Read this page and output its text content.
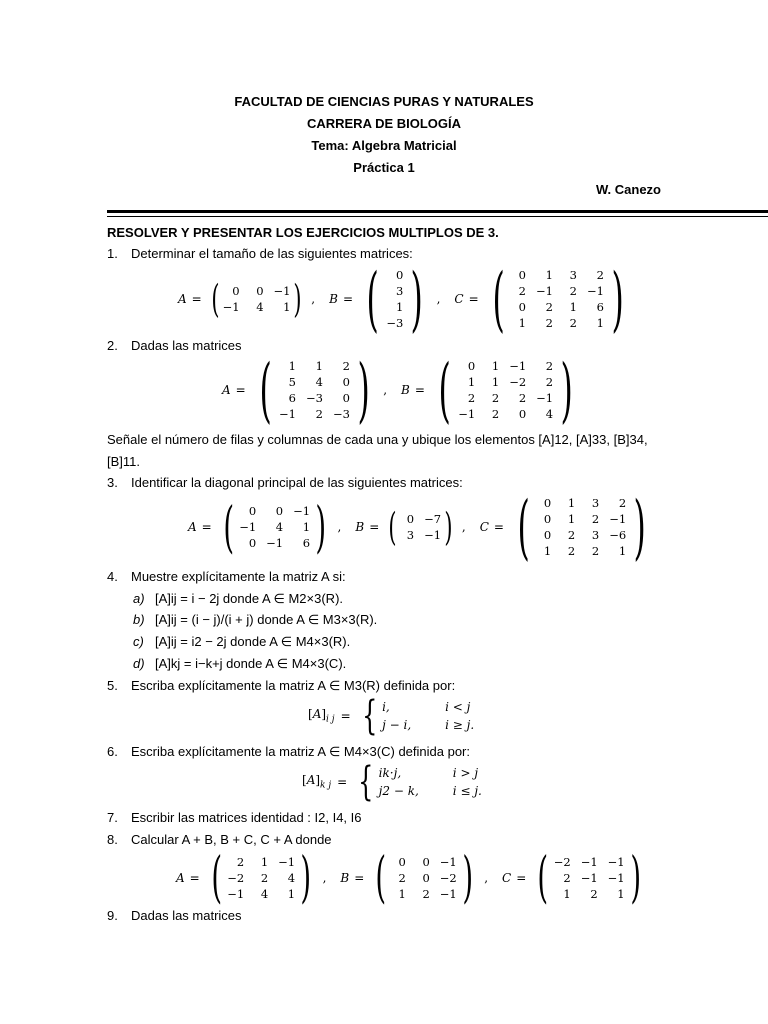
FACULTAD DE CIENCIAS PURAS Y NATURALES
CARRERA DE BIOLOGÍA
Tema: Algebra Matricial
Práctica 1
W. Canezo
RESOLVER Y PRESENTAR LOS EJERCICIOS MULTIPLOS DE 3.
1. Determinar el tamaño de las siguientes matrices:
A = (	0	0 −1
−1	4	1 ) ,	B = (	0
3
1
−3 )	,	C = (	0	1	3	2
2 −1	2 −1
0	2	1	6
1	2	2	1 )
2. Dadas las matrices
A = (	1	1	2
5	4	0
6 −3	0
−1	2 −3 )	,	B = (	0	1 −1	2
1	1 −2	2
2	2	2 −1
−1	2	0	4 )
Señale el número de filas y columnas de cada una y ubique los elementos [A]12, [A]33, [B]34,
[B]11.
3. Identificar la diagonal principal de las siguientes matrices:
A = (	0	0 −1
−1	4	1
0 −1	6 ) ,	B = ( 0 −7
3 −1 ) ,	C = (	0	1	3	2
0	1	2 −1
0	2	3 −6
1	2	2	1 )
4. Muestre explícitamente la matriz A si:
a) [A]ij = i − 2j donde A ∈ M2×3(R).
b) [A]ij = (i − j)/(i + j) donde A ∈ M3×3(R).
c) [A]ij = i2 − 2j donde A ∈ M4×3(R).
d) [A]kj = i−k+j donde A ∈ M4×3(C).
5. Escriba explícitamente la matriz A ∈ M3(R) definida por:
$[A]_{i j}$ = { i,	i < j
j − i,	i ≥ j.
6. Escriba explícitamente la matriz A ∈ M4×3(C) definida por:
$[A]_{k j}$ = { ik·j,	i > j
j2 − k,	i ≤ j.
7. Escribir las matrices identidad : I2, I4, I6
8. Calcular A + B, B + C, C + A donde
A = (	2	1 −1
−2	2	4
−1	4	1 ) ,	B = (	0	0 −1
2	0 −2
1	2 −1 ) ,	C = ( −2 −1 −1
2 −1 −1
1	2	1 )
9. Dadas las matrices
